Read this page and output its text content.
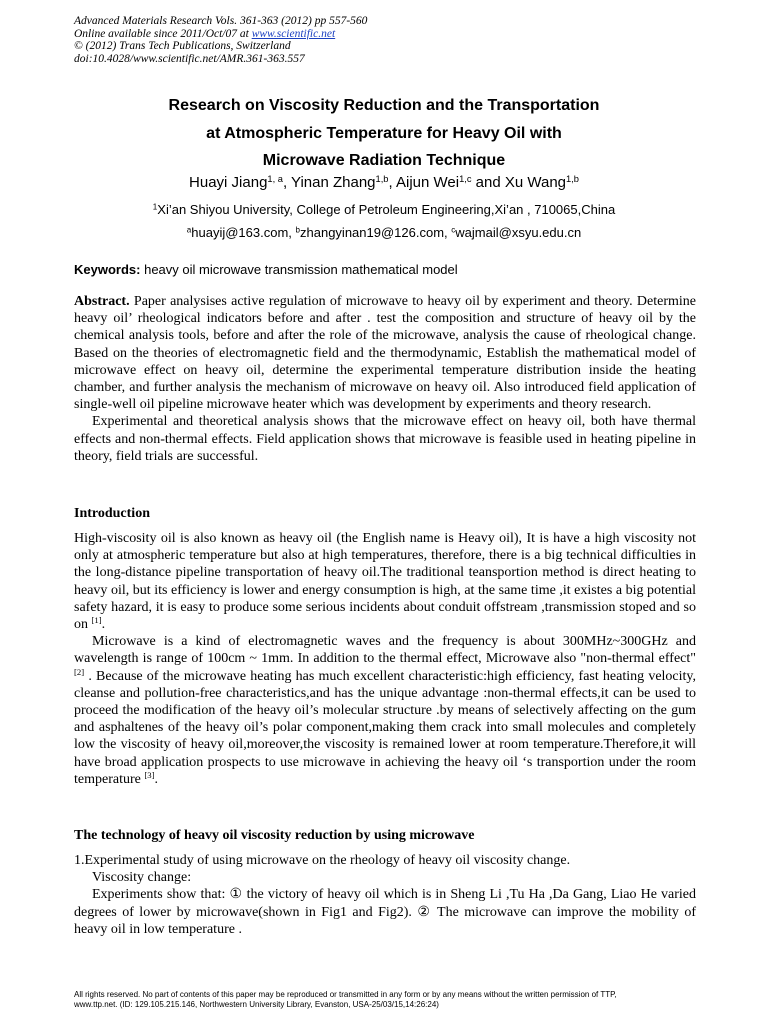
Advanced Materials Research Vols. 361-363 (2012) pp 557-560
Online available since 2011/Oct/07 at www.scientific.net
© (2012) Trans Tech Publications, Switzerland
doi:10.4028/www.scientific.net/AMR.361-363.557
Research on Viscosity Reduction and the Transportation
at Atmospheric Temperature for Heavy Oil with
Microwave Radiation Technique
Huayi Jiang$^{1, a}$, Yinan Zhang$^{1,b}$, Aijun Wei$^{1,c}$ and Xu Wang$^{1,b}$
$^1$Xi’an Shiyou University, College of Petroleum Engineering,Xi’an , 710065,China
$^a$huayij@163.com, $^b$zhangyinan19@126.com, $^c$wajmail@xsyu.edu.cn
Keywords: heavy oil microwave transmission mathematical model

Abstract. Paper analysises active regulation of microwave to heavy oil by experiment and theory. Determine heavy oil’ rheological indicators before and after . test the composition and structure of heavy oil by the chemical analysis tools, before and after the role of the microwave, analysis the cause of rheological change. Based on the theories of electromagnetic field and the thermodynamic, Establish the mathematical model of microwave effect on heavy oil, determine the experimental temperature distribution inside the heating chamber, and further analysis the mechanism of microwave on heavy oil. Also introduced field application of single-well oil pipeline microwave heater which was development by experiments and theory research.

Experimental and theoretical analysis shows that the microwave effect on heavy oil, both have thermal effects and non-thermal effects. Field application shows that microwave is feasible used in heating pipeline in theory, field trials are successful.

Introduction

High-viscosity oil is also known as heavy oil (the English name is Heavy oil), It is have a high viscosity not only at atmospheric temperature but also at high temperatures, therefore, there is a big technical difficulties in the long-distance pipeline transportation of heavy oil.The traditional teansportion method is direct heating to heavy oil, but its efficiency is lower and energy consumption is high, at the same time ,it existes a big potential safety hazard, it is easy to produce some serious incidents about conduit offstream ,transmission stoped and so on [1].

Microwave is a kind of electromagnetic waves and the frequency is about 300MHz~300GHz and wavelength is range of 100cm ~ 1mm. In addition to the thermal effect, Microwave also "non-thermal effect" [2] . Because of the microwave heating has much excellent characteristic:high efficiency, fast heating velocity, cleanse and pollution-free characteristics,and has the unique advantage :non-thermal effects,it can be used to proceed the modification of the heavy oil’s molecular structure .by means of selectively affecting on the gum and asphaltenes of the heavy oil’s polar component,making them crack into small molecules and completely low the viscosity of heavy oil,moreover,the viscosity is remained lower at room temperature.Therefore,it will have broad application prospects to use microwave in achieving the heavy oil ‘s transportion under the room temperature [3].

The technology of heavy oil viscosity reduction by using microwave

1.Experimental study of using microwave on the rheology of heavy oil viscosity change.

Viscosity change:

Experiments show that: ① the victory of heavy oil which is in Sheng Li ,Tu Ha ,Da Gang, Liao He varied degrees of lower by microwave(shown in Fig1 and Fig2). ② The microwave can improve the mobility of heavy oil in low temperature .

All rights reserved. No part of contents of this paper may be reproduced or transmitted in any form or by any means without the written permission of TTP,
www.ttp.net. (ID: 129.105.215.146, Northwestern University Library, Evanston, USA-25/03/15,14:26:24)
